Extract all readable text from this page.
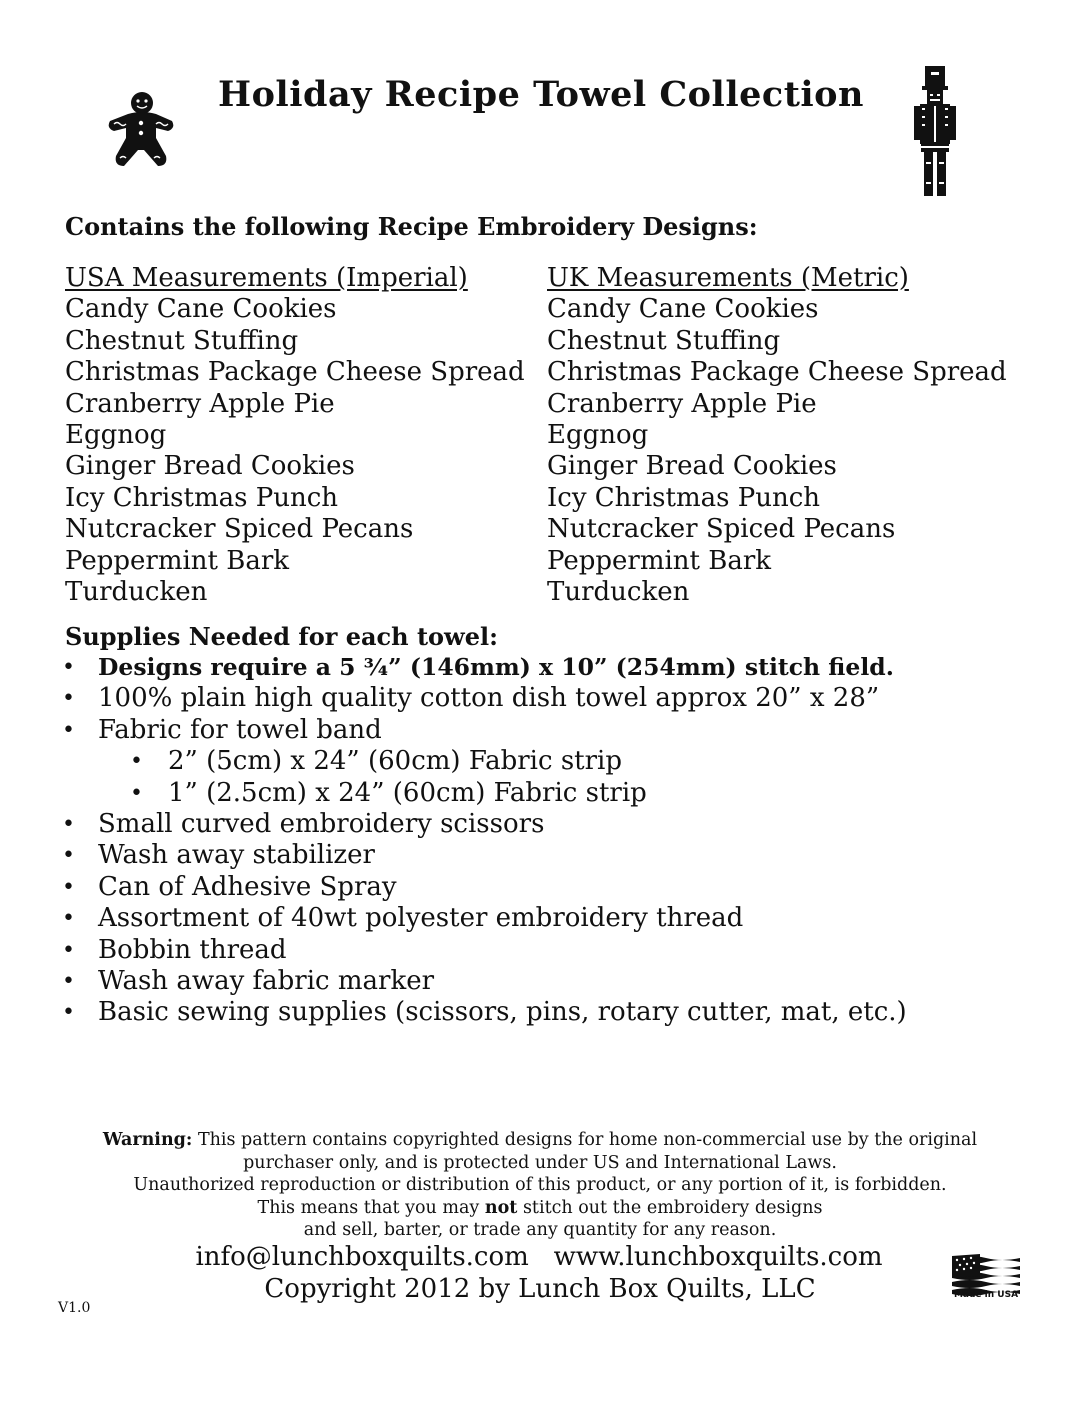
Holiday Recipe Towel Collection
Contains the following Recipe Embroidery Designs:
USA Measurements (Imperial)
Candy Cane Cookies
Chestnut Stuffing
Christmas Package Cheese Spread
Cranberry Apple Pie
Eggnog
Ginger Bread Cookies
Icy Christmas Punch
Nutcracker Spiced Pecans
Peppermint Bark
Turducken
UK Measurements (Metric)
Candy Cane Cookies
Chestnut Stuffing
Christmas Package Cheese Spread
Cranberry Apple Pie
Eggnog
Ginger Bread Cookies
Icy Christmas Punch
Nutcracker Spiced Pecans
Peppermint Bark
Turducken
Supplies Needed for each towel:
• Designs require a 5 ¾” (146mm) x 10” (254mm) stitch field.
• 100% plain high quality cotton dish towel approx 20” x 28”
• Fabric for towel band
• 2” (5cm) x 24” (60cm) Fabric strip
• 1” (2.5cm) x 24” (60cm) Fabric strip
• Small curved embroidery scissors
• Wash away stabilizer
• Can of Adhesive Spray
• Assortment of 40wt polyester embroidery thread
• Bobbin thread
• Wash away fabric marker
• Basic sewing supplies (scissors, pins, rotary cutter, mat, etc.)

Warning: This pattern contains copyrighted designs for home non-commercial use by the original

purchaser only, and is protected under US and International Laws.

Unauthorized reproduction or distribution of this product, or any portion of it, is forbidden.

This means that you may not stitch out the embroidery designs

and sell, barter, or trade any quantity for any reason.

info@lunchboxquilts.com www.lunchboxquilts.com

Copyright 2012 by Lunch Box Quilts, LLC

V1.0
Made in USA
